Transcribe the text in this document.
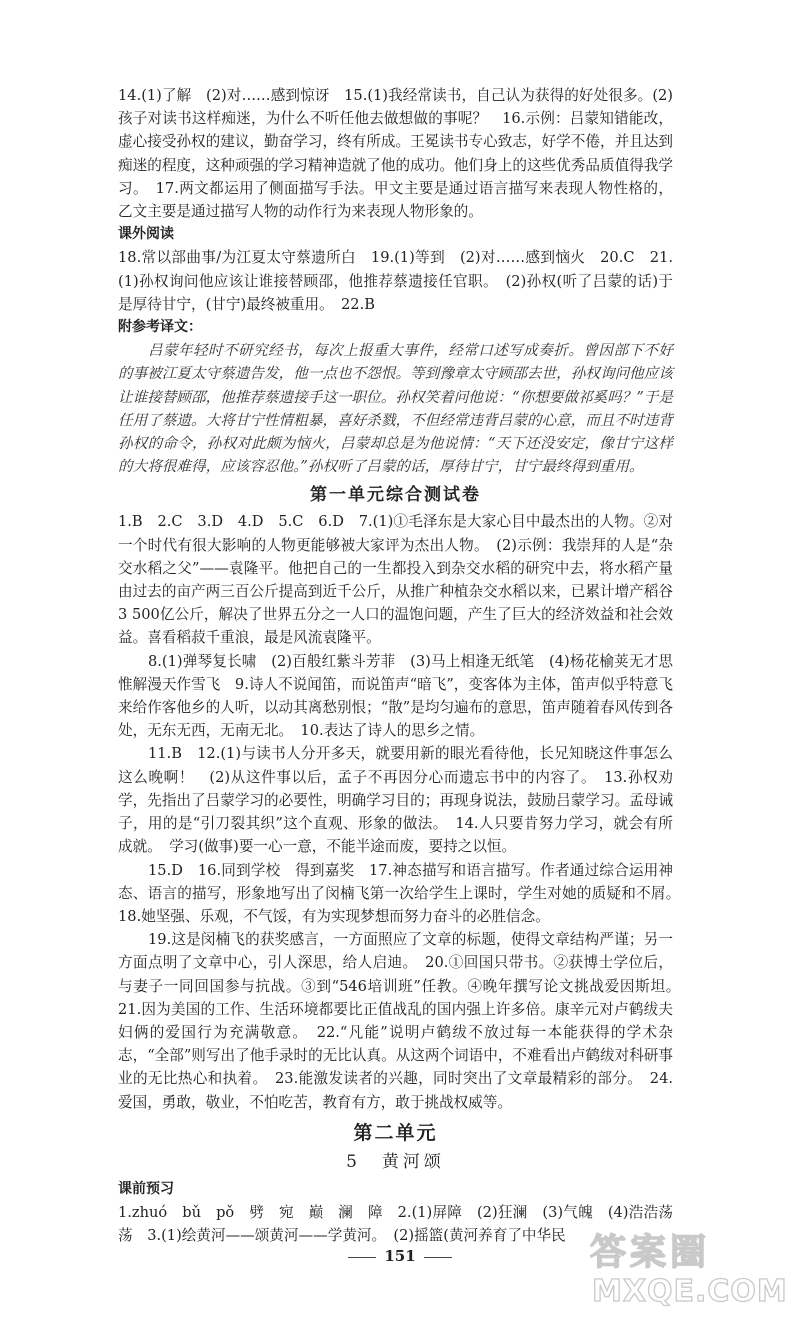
14.(1)了解　(2)对……感到惊讶　15.(1)我经常读书，自己认为获得的好处很多。(2)孩子对读书这样痴迷，为什么不听任他去做想做的事呢？　16.示例：吕蒙知错能改，虚心接受孙权的建议，勤奋学习，终有所成。王冕读书专心致志，好学不倦，并且达到痴迷的程度，这种顽强的学习精神造就了他的成功。他们身上的这些优秀品质值得我学习。　17.两文都运用了侧面描写手法。甲文主要是通过语言描写来表现人物性格的，乙文主要是通过描写人物的动作行为来表现人物形象的。

课外阅读

18.常以部曲事/为江夏太守蔡遗所白　19.(1)等到　(2)对……感到恼火　20.C　21.(1)孙权询问他应该让谁接替顾邵，他推荐蔡遗接任官职。　(2)孙权(听了吕蒙的话)于是厚待甘宁，(甘宁)最终被重用。　22.B

附参考译文：

吕蒙年轻时不研究经书，每次上报重大事件，经常口述写成奏折。曾因部下不好的事被江夏太守蔡遗告发，他一点也不怨恨。等到豫章太守顾邵去世，孙权询问他应该让谁接替顾邵，他推荐蔡遗接手这一职位。孙权笑着问他说：“你想要做祁奚吗？”于是任用了蔡遗。大将甘宁性情粗暴，喜好杀戮，不但经常违背吕蒙的心意，而且不时违背孙权的命令，孙权对此颇为恼火，吕蒙却总是为他说情：“天下还没安定，像甘宁这样的大将很难得，应该容忍他。”孙权听了吕蒙的话，厚待甘宁，甘宁最终得到重用。

第一单元综合测试卷

1.B　2.C　3.D　4.D　5.C　6.D　7.(1)①毛泽东是大家心目中最杰出的人物。②对一个时代有很大影响的人物更能够被大家评为杰出人物。　(2)示例：我崇拜的人是“杂交水稻之父”——袁隆平。他把自己的一生都投入到杂交水稻的研究中去，将水稻产量由过去的亩产两三百公斤提高到近千公斤，从推广种植杂交水稻以来，已累计增产稻谷3 500亿公斤，解决了世界五分之一人口的温饱问题，产生了巨大的经济效益和社会效益。喜看稻菽千重浪，最是风流袁隆平。

8.(1)弹琴复长啸　(2)百般红紫斗芳菲　(3)马上相逢无纸笔　(4)杨花榆荚无才思　惟解漫天作雪飞　9.诗人不说闻笛，而说笛声“暗飞”，变客体为主体，笛声似乎特意飞来给作客他乡的人听，以动其离愁别恨；“散”是均匀遍布的意思，笛声随着春风传到各处，无东无西，无南无北。　10.表达了诗人的思乡之情。

11.B　12.(1)与读书人分开多天，就要用新的眼光看待他，长兄知晓这件事怎么这么晚啊！　(2)从这件事以后，孟子不再因分心而遗忘书中的内容了。　13.孙权劝学，先指出了吕蒙学习的必要性，明确学习目的；再现身说法，鼓励吕蒙学习。孟母诫子，用的是“引刀裂其织”这个直观、形象的做法。　14.人只要肯努力学习，就会有所成就。　学习(做事)要一心一意，不能半途而废，要持之以恒。

15.D　16.同到学校　得到嘉奖　17.神态描写和语言描写。作者通过综合运用神态、语言的描写，形象地写出了闵楠飞第一次给学生上课时，学生对她的质疑和不屑。　18.她坚强、乐观，不气馁，有为实现梦想而努力奋斗的必胜信念。

19.这是闵楠飞的获奖感言，一方面照应了文章的标题，使得文章结构严谨；另一方面点明了文章中心，引人深思，给人启迪。　20.①回国只带书。②获博士学位后，与妻子一同回国参与抗战。③到“546培训班”任教。④晚年撰写论文挑战爱因斯坦。　21.因为美国的工作、生活环境都要比正值战乱的国内强上许多倍。康辛元对卢鹤绂夫妇俩的爱国行为充满敬意。　22.“凡能”说明卢鹤绂不放过每一本能获得的学术杂志，“全部”则写出了他手录时的无比认真。从这两个词语中，不难看出卢鹤绂对科研事业的无比热心和执着。　23.能激发读者的兴趣，同时突出了文章最精彩的部分。　24.爱国，勇敢，敬业，不怕吃苦，教育有方，敢于挑战权威等。

第二单元
5　黄河颂

课前预习

1.zhuó　bǔ　pǒ　劈　宛　巅　澜　障　2.(1)屏障　(2)狂澜　(3)气魄　(4)浩浩荡荡　3.(1)绘黄河——颂黄河——学黄河。　(2)摇篮(黄河养育了中华民

151	答案圈
MXQE.COM
